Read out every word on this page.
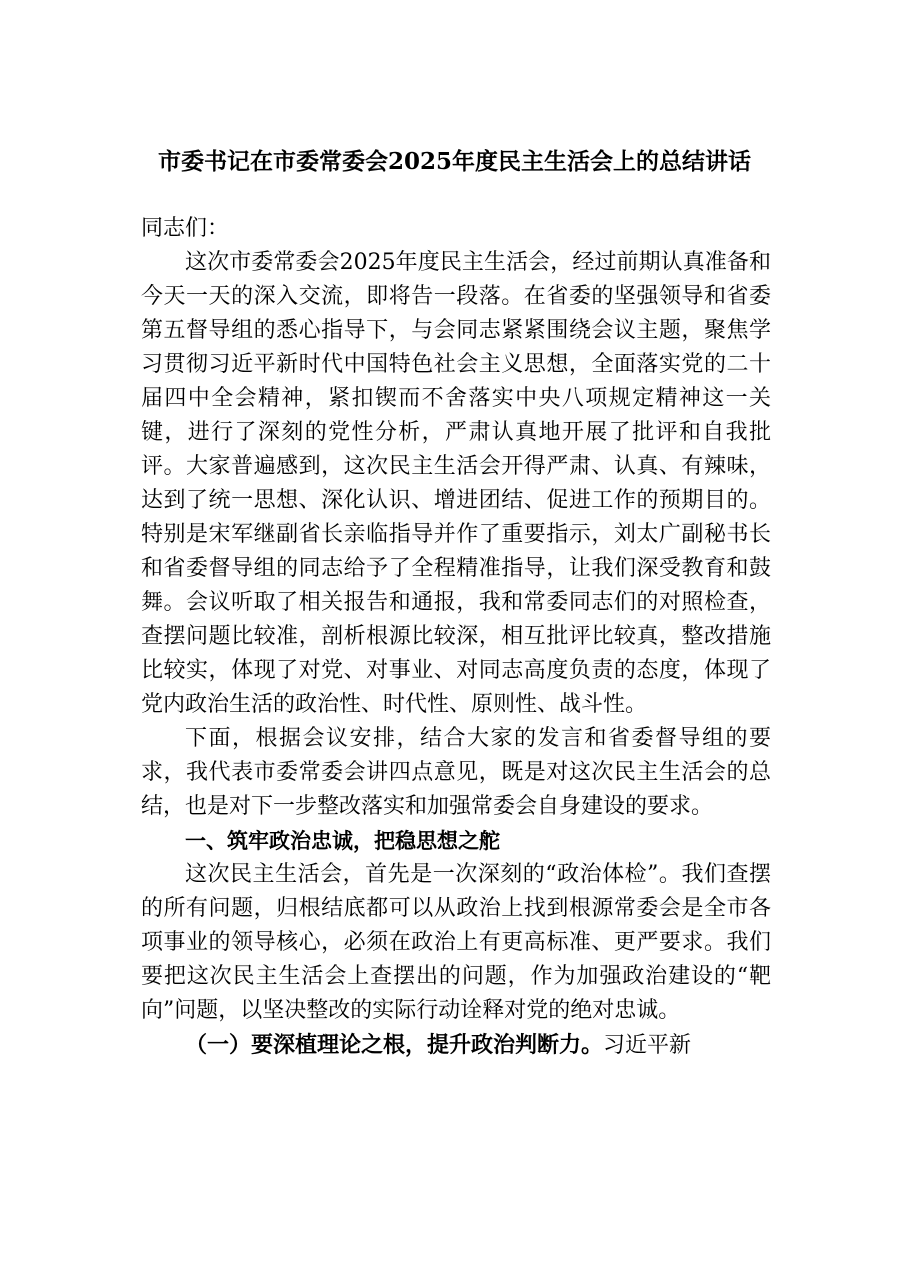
市委书记在市委常委会2025年度民主生活会上的总结讲话

同志们：

这次市委常委会2025年度民主生活会，经过前期认真准备和今天一天的深入交流，即将告一段落。在省委的坚强领导和省委第五督导组的悉心指导下，与会同志紧紧围绕会议主题，聚焦学习贯彻习近平新时代中国特色社会主义思想，全面落实党的二十届四中全会精神，紧扣锲而不舍落实中央八项规定精神这一关键，进行了深刻的党性分析，严肃认真地开展了批评和自我批评。大家普遍感到，这次民主生活会开得严肃、认真、有辣味，达到了统一思想、深化认识、增进团结、促进工作的预期目的。特别是宋军继副省长亲临指导并作了重要指示，刘太广副秘书长和省委督导组的同志给予了全程精准指导，让我们深受教育和鼓舞。会议听取了相关报告和通报，我和常委同志们的对照检查，查摆问题比较准，剖析根源比较深，相互批评比较真，整改措施比较实，体现了对党、对事业、对同志高度负责的态度，体现了党内政治生活的政治性、时代性、原则性、战斗性。

下面，根据会议安排，结合大家的发言和省委督导组的要求，我代表市委常委会讲四点意见，既是对这次民主生活会的总结，也是对下一步整改落实和加强常委会自身建设的要求。

一、筑牢政治忠诚，把稳思想之舵

这次民主生活会，首先是一次深刻的“政治体检”。我们查摆的所有问题，归根结底都可以从政治上找到根源常委会是全市各项事业的领导核心，必须在政治上有更高标准、更严要求。我们要把这次民主生活会上查摆出的问题，作为加强政治建设的“靶向”问题，以坚决整改的实际行动诠释对党的绝对忠诚。

（一）要深植理论之根，提升政治判断力。习近平新
